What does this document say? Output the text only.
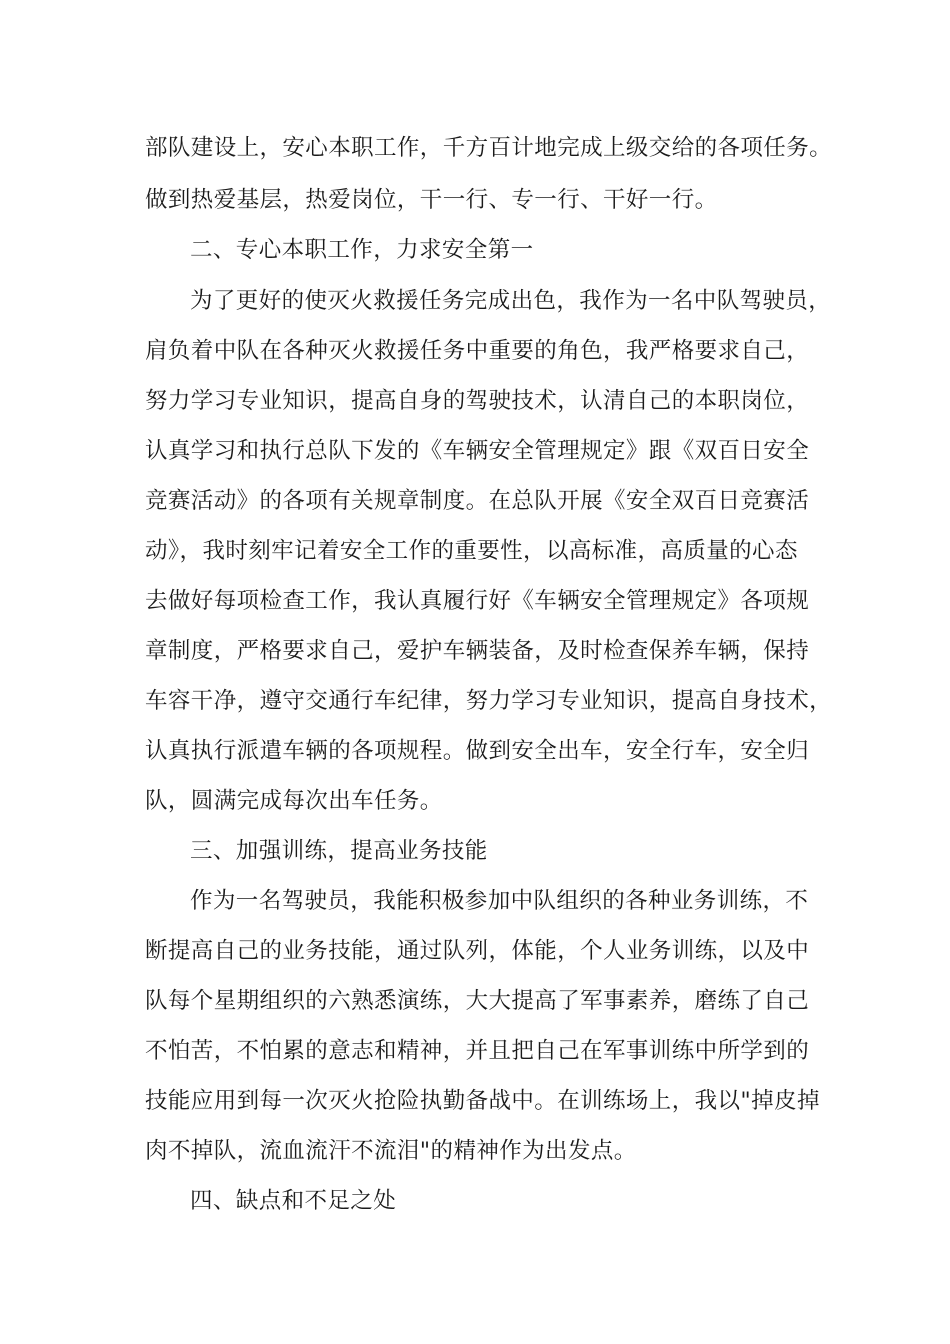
部队建设上，安心本职工作，千方百计地完成上级交给的各项任务。
做到热爱基层，热爱岗位，干一行、专一行、干好一行。
二、专心本职工作，力求安全第一
为了更好的使灭火救援任务完成出色，我作为一名中队驾驶员，
肩负着中队在各种灭火救援任务中重要的角色，我严格要求自己，
努力学习专业知识，提高自身的驾驶技术，认清自己的本职岗位，
认真学习和执行总队下发的《车辆安全管理规定》跟《双百日安全
竞赛活动》的各项有关规章制度。在总队开展《安全双百日竞赛活
动》，我时刻牢记着安全工作的重要性，以高标准，高质量的心态
去做好每项检查工作，我认真履行好《车辆安全管理规定》各项规
章制度，严格要求自己，爱护车辆装备，及时检查保养车辆，保持
车容干净，遵守交通行车纪律，努力学习专业知识，提高自身技术，
认真执行派遣车辆的各项规程。做到安全出车，安全行车，安全归
队，圆满完成每次出车任务。
三、加强训练，提高业务技能
作为一名驾驶员，我能积极参加中队组织的各种业务训练，不
断提高自己的业务技能，通过队列，体能，个人业务训练，以及中
队每个星期组织的六熟悉演练，大大提高了军事素养，磨练了自己
不怕苦，不怕累的意志和精神，并且把自己在军事训练中所学到的
技能应用到每一次灭火抢险执勤备战中。在训练场上，我以"掉皮掉
肉不掉队，流血流汗不流泪"的精神作为出发点。
四、缺点和不足之处
